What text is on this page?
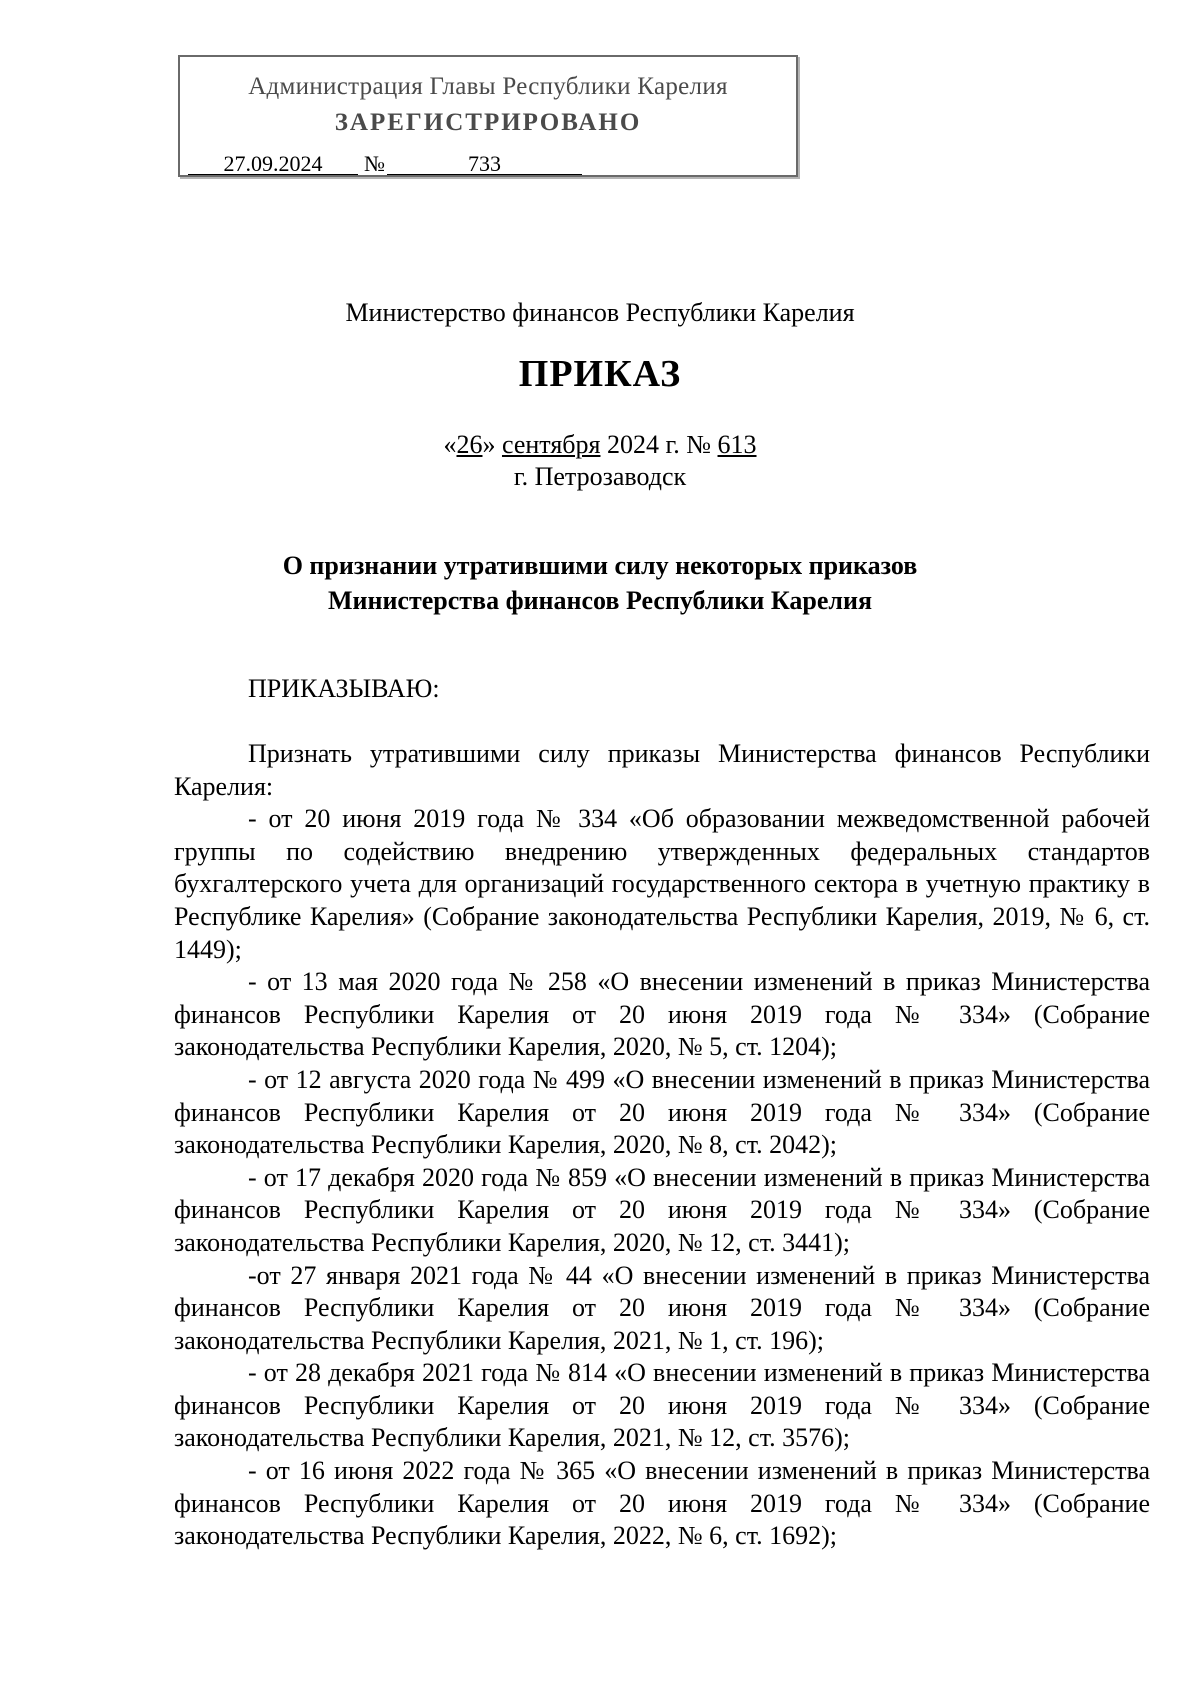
Администрация Главы Республики Карелия
ЗАРЕГИСТРИРОВАНО
27.09.2024 №	733
Министерство финансов Республики Карелия
ПРИКАЗ
«26» сентября 2024 г. № 613
г. Петрозаводск
О признании утратившими силу некоторых приказов Министерства финансов Республики Карелия
ПРИКАЗЫВАЮ:

Признать утратившими силу приказы Министерства финансов Республики Карелия:

- от 20 июня 2019 года № 334 «Об образовании межведомственной рабочей группы по содействию внедрению утвержденных федеральных стандартов бухгалтерского учета для организаций государственного сектора в учетную практику в Республике Карелия» (Собрание законодательства Республики Карелия, 2019, № 6, ст. 1449);

- от 13 мая 2020 года № 258 «О внесении изменений в приказ Министерства финансов Республики Карелия от 20 июня 2019 года № 334» (Собрание законодательства Республики Карелия, 2020, № 5, ст. 1204);

- от 12 августа 2020 года № 499 «О внесении изменений в приказ Министерства финансов Республики Карелия от 20 июня 2019 года № 334» (Собрание законодательства Республики Карелия, 2020, № 8, ст. 2042);

- от 17 декабря 2020 года № 859 «О внесении изменений в приказ Министерства финансов Республики Карелия от 20 июня 2019 года № 334» (Собрание законодательства Республики Карелия, 2020, № 12, ст. 3441);

-от 27 января 2021 года № 44 «О внесении изменений в приказ Министерства финансов Республики Карелия от 20 июня 2019 года № 334» (Собрание законодательства Республики Карелия, 2021, № 1, ст. 196);

- от 28 декабря 2021 года № 814 «О внесении изменений в приказ Министерства финансов Республики Карелия от 20 июня 2019 года № 334» (Собрание законодательства Республики Карелия, 2021, № 12, ст. 3576);

- от 16 июня 2022 года № 365 «О внесении изменений в приказ Министерства финансов Республики Карелия от 20 июня 2019 года № 334» (Собрание законодательства Республики Карелия, 2022, № 6, ст. 1692);
